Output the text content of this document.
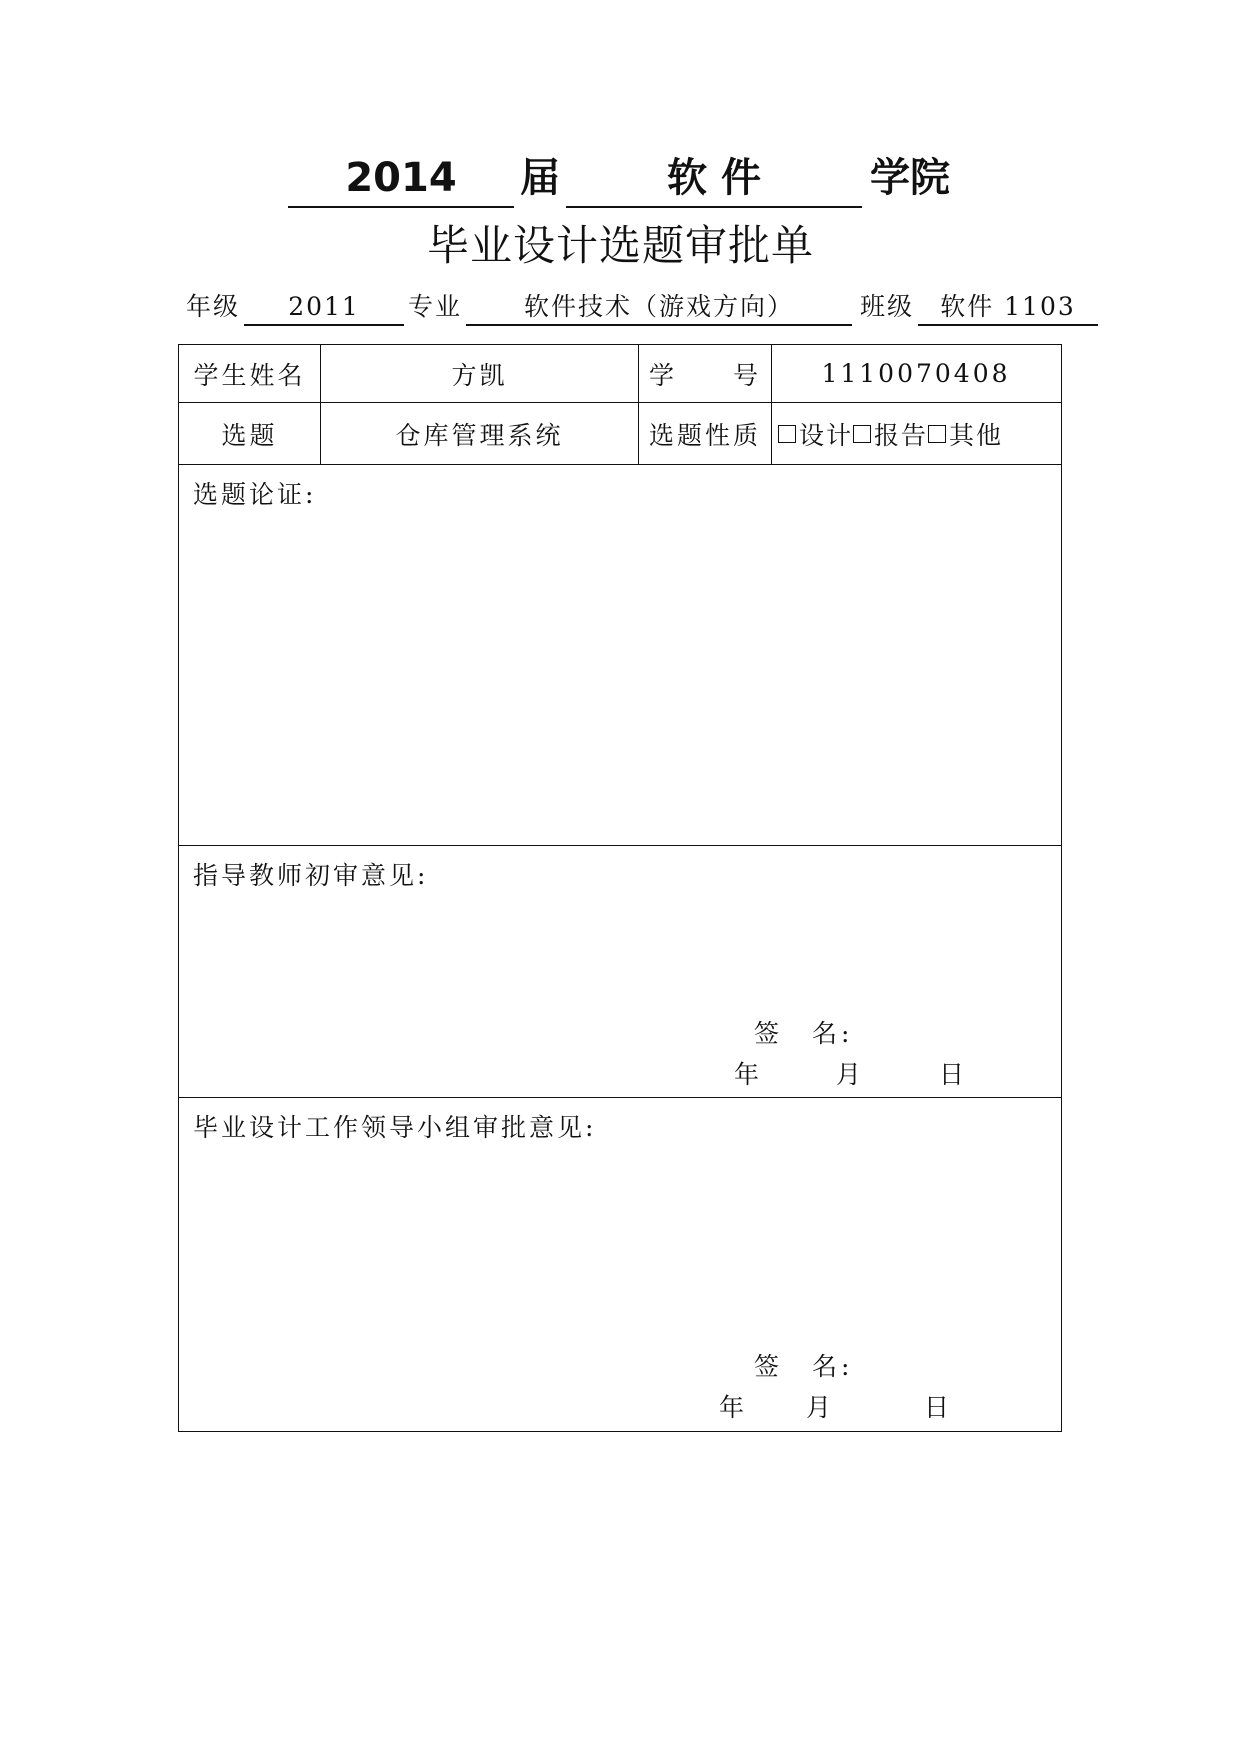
2014	届	软 件	学院
毕业设计选题审批单
年级	2011	专业	软件技术（游戏方向）	班级	软件 1103
学生姓名	方凯	学　　号	1110070408
选题	仓库管理系统	选题性质	设计 报告 其他
选题论证:
指导教师初审意见:
签　名:
年	月	日
毕业设计工作领导小组审批意见:
签　名:
年 月	日
